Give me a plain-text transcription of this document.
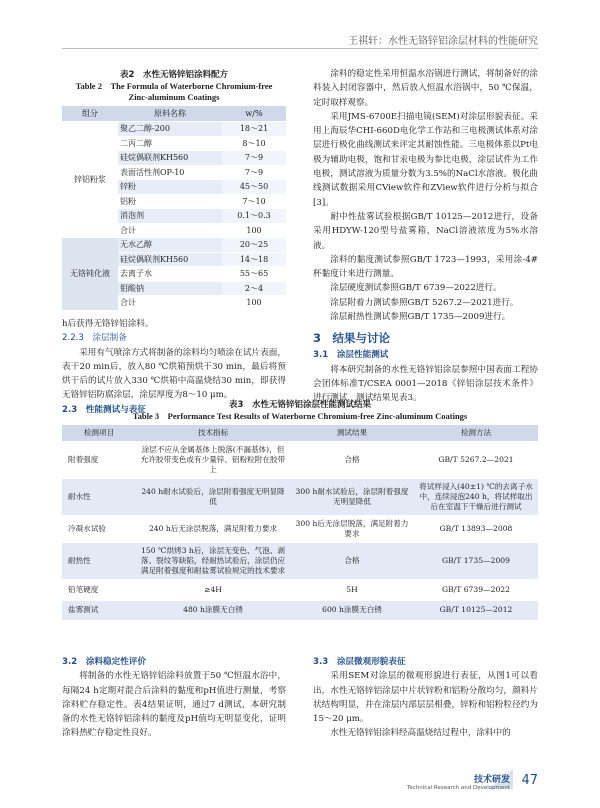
王祺轩：水性无铬锌铝涂层材料的性能研究
表2　水性无铬锌铝涂料配方
Table 2　The Formula of Waterborne Chromium-free
Zinc-aluminum Coatings
组分	原料名称	w/%
锌铝粉浆	聚乙二醇-200	18～21
	二丙二醇	8～10
	硅烷偶联剂KH560	7～9
	表面活性剂OP-10	7～9
	锌粉	45～50
	铝粉	7～10
	消泡剂	0.1～0.3
	合计	100
无铬钝化液	无水乙醇	20～25
	硅烷偶联剂KH560	14～18
	去离子水	55～65
	钼酸钠	2～4
	合计	100

h后获得无铬锌铝涂料。

2.2.3　涂层制备

采用有气喷涂方式将制备的涂料均匀喷涂在试片表面，表干20 min后，放入80 ℃烘箱预烘干30 min，最后将预烘干后的试片放入330 ℃烘箱中高温烧结30 min，即获得无铬锌铝防腐涂层，涂层厚度为8～10 μm。

2.3　性能测试与表征

涂料的稳定性采用恒温水浴锅进行测试，将制备好的涂料装入封闭容器中，然后放入恒温水浴锅中，50 ℃保温，定时取样观察。

采用JMS-6700E扫描电镜(SEM)对涂层形貌表征。采用上海辰华CHI-660D电化学工作站和三电极测试体系对涂层进行极化曲线测试来评定其耐蚀性能。三电极体系以Pt电极为辅助电极，饱和甘汞电极为参比电极，涂层试件为工作电极，测试溶液为质量分数为3.5%的NaCl水溶液。极化曲线测试数据采用CView软件和ZView软件进行分析与拟合[3]。

耐中性盐雾试验根据GB/T 10125—2012进行，设备采用HDYW-120型号盐雾箱，NaCl溶液浓度为5%水溶液。

涂料的黏度测试参照GB/T 1723—1993，采用涂-4#杯黏度计来进行测量。

涂层硬度测试参照GB/T 6739—2022进行。

涂层附着力测试参照GB/T 5267.2—2021进行。

涂层耐热性测试参照GB/T 1735—2009进行。

3　结果与讨论

3.1　涂层性能测试

将本研究制备的水性无铬锌铝涂层参照中国表面工程协会团体标准T/CSEA 0001—2018《锌铝涂层技术条件》进行测试，测试结果见表3。

表3　水性无铬锌铝涂层性能测试结果
Table 3　Performance Test Results of Waterborne Chromium-free Zinc-aluminum Coatings
检测项目	技术指标	测试结果	检测方法
附着强度	涂层不应从金属基体上脱落(不漏基体)，但允许胶带变色或有少量锌、铝粉粒附在胶带上	合格	GB/T 5267.2—2021
耐水性	240 h耐水试验后，涂层附着强度无明显降低	300 h耐水试验后，涂层附着强度无明显降低	将试样浸入(40±1) ℃的去离子水中，连续浸泡240 h，将试样取出后在室温下干燥后进行测试
冷凝水试验	240 h后无涂层脱落，满足附着力要求	300 h后无涂层脱落，满足附着力要求	GB/T 13893—2008
耐热性	150 ℃烘烤3 h后，涂层无变色、气泡、剥落、裂纹等缺陷，经耐热试验后，涂层仍应满足附着强度和耐盐雾试验规定的技术要求	合格	GB/T 1735—2009
铅笔硬度	≥4H	5H	GB/T 6739—2022
盐雾测试	480 h涂膜无白锈	600 h涂膜无白锈	GB/T 10125—2012

3.2　涂料稳定性评价

将制备的水性无铬锌铝涂料放置于50 ℃恒温水浴中，每隔24 h定期对混合后涂料的黏度和pH值进行测量，考察涂料贮存稳定性。表4结果证明，通过7 d测试，本研究制备的水性无铬锌铝涂料的黏度及pH值均无明显变化，证明涂料热贮存稳定性良好。

3.3　涂层微观形貌表征

采用SEM对涂层的微观形貌进行表征，从图1可以看出，水性无铬锌铝涂层中片状锌粉和铝粉分散均匀，颜料片状结构明显，并在涂层内部层层相叠，锌粉和铝粉粒径约为15～20 μm。

水性无铬锌铝涂料经高温烧结过程中，涂料中的

技术研发
Technical Research and Development 47
